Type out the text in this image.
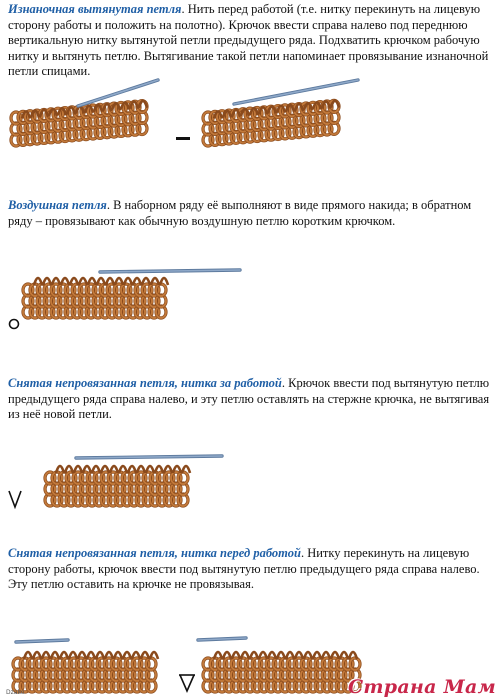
Изнаночная вытянутая петля. Нить перед работой (т.е. нитку перекинуть на лицевую сторону работы и положить на полотно). Крючок ввести справа налево под переднюю вертикальную нитку вытянутой петли предыдущего ряда. Подхватить крючком рабочую нитку и вытянуть петлю. Вытягивание такой петли напоминает провязывание изнаночной петли спицами.

Воздушная петля. В наборном ряду её выполняют в виде прямого накида; в обратном ряду – провязывают как обычную воздушную петлю коротким крючком.

Снятая непровязанная петля, нитка за работой. Крючок ввести под вытянутую петлю предыдущего ряда справа налево, и эту петлю оставлять на стержне крючка, не вытягивая из неё новой петли.

Снятая непровязанная петля, нитка перед работой. Нитку перекинуть на лицевую сторону работы, крючок ввести под вытянутую петлю предыдущего ряда справа налево. Эту петлю оставить на крючке не провязывая.

Dzako	Страна Мам
